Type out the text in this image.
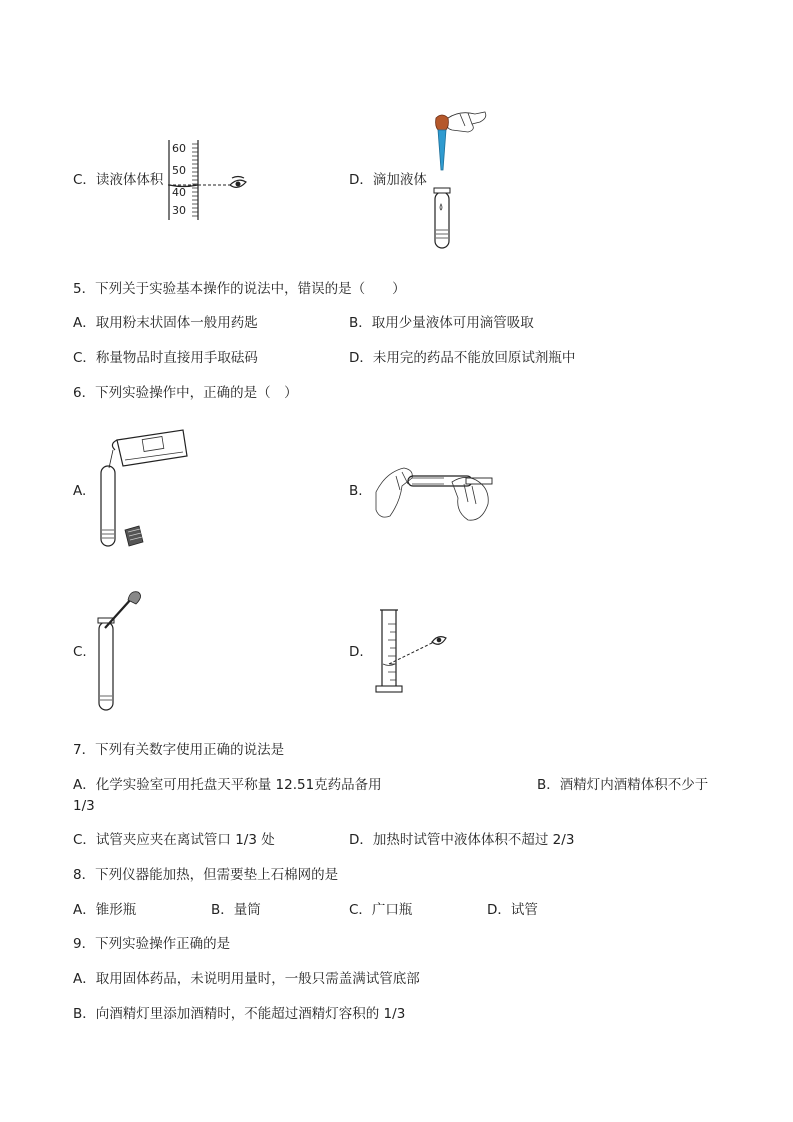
C．读液体体积
60
50
40
30
D．滴加液体
5．下列关于实验基本操作的说法中，错误的是（　　）
A．取用粉末状固体一般用药匙	B．取用少量液体可用滴管吸取
C．称量物品时直接用手取砝码	D．未用完的药品不能放回原试剂瓶中
6．下列实验操作中，正确的是（　）
A.	B.
C.	D.
7．下列有关数字使用正确的说法是
A．化学实验室可用托盘天平称量 12.51克药品备用	B．酒精灯内酒精体积不少于
1/3
C．试管夹应夹在离试管口 1/3 处	D．加热时试管中液体体积不超过 2/3
8．下列仪器能加热，但需要垫上石棉网的是
A．锥形瓶	B．量筒	C．广口瓶	D．试管
9．下列实验操作正确的是
A．取用固体药品，未说明用量时，一般只需盖满试管底部
B．向酒精灯里添加酒精时，不能超过酒精灯容积的 1/3
